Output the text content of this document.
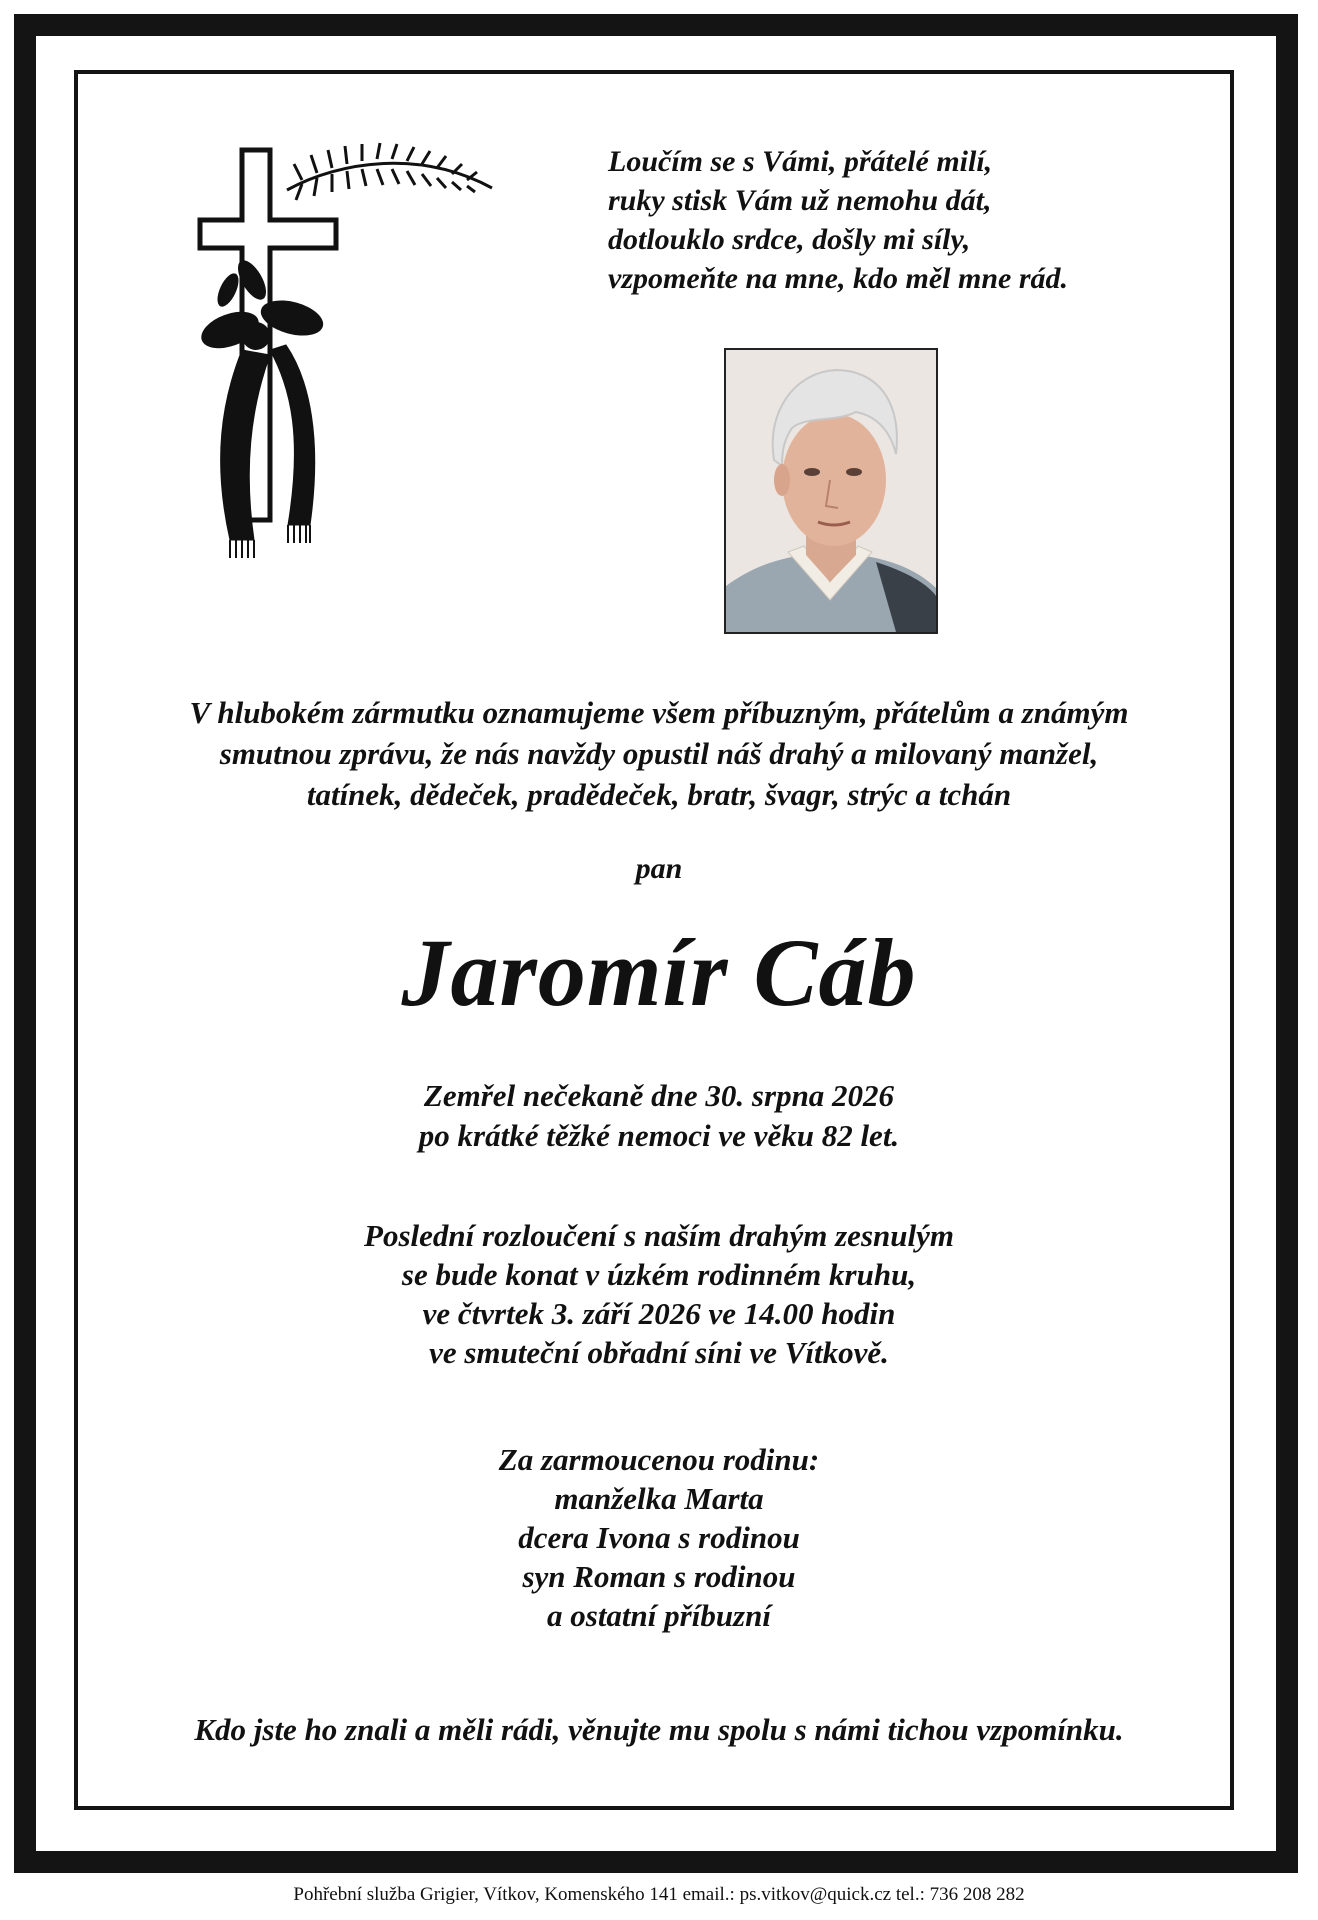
Loučím se s Vámi, přátelé milí,
ruky stisk Vám už nemohu dát,
dotlouklo srdce, došly mi síly,
vzpomeňte na mne, kdo měl mne rád.
V hlubokém zármutku oznamujeme všem příbuzným, přátelům a známým
smutnou zprávu, že nás navždy opustil náš drahý a milovaný manžel,
tatínek, dědeček, pradědeček, bratr, švagr, strýc a tchán
pan
Jaromír Cáb
Zemřel nečekaně dne 30. srpna 2026
po krátké těžké nemoci ve věku 82 let.
Poslední rozloučení s naším drahým zesnulým
se bude konat v úzkém rodinném kruhu,
ve čtvrtek 3. září 2026 ve 14.00 hodin
ve smuteční obřadní síni ve Vítkově.
Za zarmoucenou rodinu:
manželka Marta
dcera Ivona s rodinou
syn Roman s rodinou
a ostatní příbuzní
Kdo jste ho znali a měli rádi, věnujte mu spolu s námi tichou vzpomínku.
Pohřební služba Grigier, Vítkov, Komenského 141 email.: ps.vitkov@quick.cz tel.: 736 208 282
